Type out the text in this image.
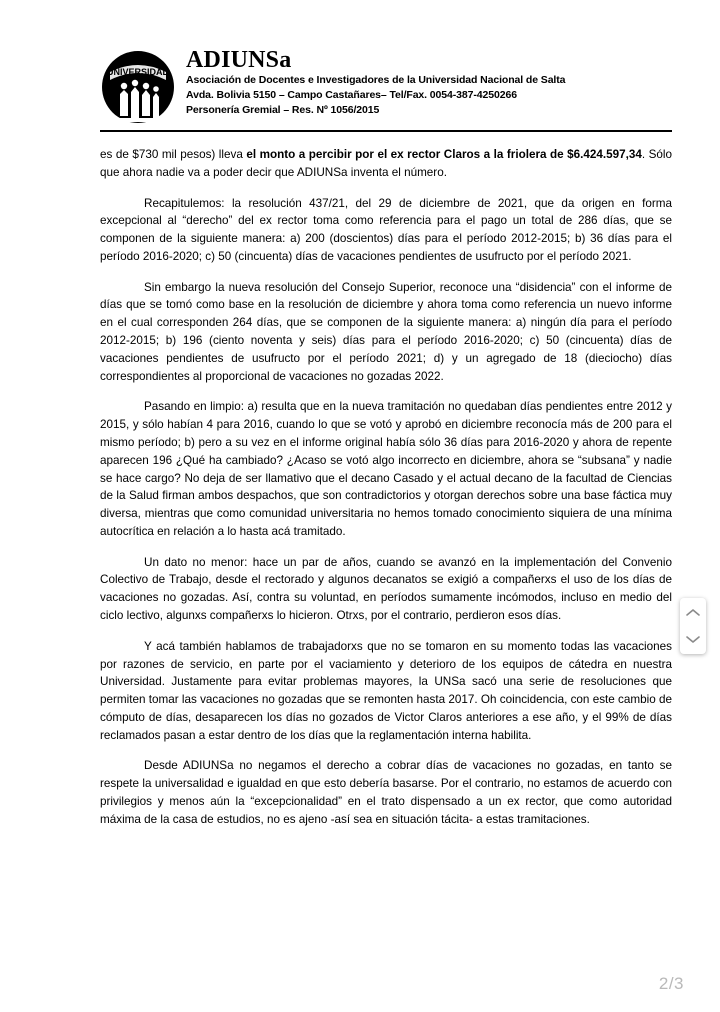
UNIVERSIDAD ADIUNSa
Asociación de Docentes e Investigadores de la Universidad Nacional de Salta
Avda. Bolivia 5150 – Campo Castañares– Tel/Fax. 0054-387-4250266
Personería Gremial – Res. Nº 1056/2015

es de $730 mil pesos) lleva el monto a percibir por el ex rector Claros a la friolera de $6.424.597,34. Sólo que ahora nadie va a poder decir que ADIUNSa inventa el número.

Recapitulemos: la resolución 437/21, del 29 de diciembre de 2021, que da origen en forma excepcional al “derecho” del ex rector toma como referencia para el pago un total de 286 días, que se componen de la siguiente manera: a) 200 (doscientos) días para el período 2012-2015; b) 36 días para el período 2016-2020; c) 50 (cincuenta) días de vacaciones pendientes de usufructo por el período 2021.

Sin embargo la nueva resolución del Consejo Superior, reconoce una “disidencia” con el informe de días que se tomó como base en la resolución de diciembre y ahora toma como referencia un nuevo informe en el cual corresponden 264 días, que se componen de la siguiente manera: a) ningún día para el período 2012-2015; b) 196 (ciento noventa y seis) días para el período 2016-2020; c) 50 (cincuenta) días de vacaciones pendientes de usufructo por el período 2021; d) y un agregado de 18 (dieciocho) días correspondientes al proporcional de vacaciones no gozadas 2022.

Pasando en limpio: a) resulta que en la nueva tramitación no quedaban días pendientes entre 2012 y 2015, y sólo habían 4 para 2016, cuando lo que se votó y aprobó en diciembre reconocía más de 200 para el mismo período; b) pero a su vez en el informe original había sólo 36 días para 2016-2020 y ahora de repente aparecen 196 ¿Qué ha cambiado? ¿Acaso se votó algo incorrecto en diciembre, ahora se “subsana” y nadie se hace cargo? No deja de ser llamativo que el decano Casado y el actual decano de la facultad de Ciencias de la Salud firman ambos despachos, que son contradictorios y otorgan derechos sobre una base fáctica muy diversa, mientras que como comunidad universitaria no hemos tomado conocimiento siquiera de una mínima autocrítica en relación a lo hasta acá tramitado.

Un dato no menor: hace un par de años, cuando se avanzó en la implementación del Convenio Colectivo de Trabajo, desde el rectorado y algunos decanatos se exigió a compañerxs el uso de los días de vacaciones no gozadas. Así, contra su voluntad, en períodos sumamente incómodos, incluso en medio del ciclo lectivo, algunxs compañerxs lo hicieron. Otrxs, por el contrario, perdieron esos días.

Y acá también hablamos de trabajadorxs que no se tomaron en su momento todas las vacaciones por razones de servicio, en parte por el vaciamiento y deterioro de los equipos de cátedra en nuestra Universidad. Justamente para evitar problemas mayores, la UNSa sacó una serie de resoluciones que permiten tomar las vacaciones no gozadas que se remonten hasta 2017. Oh coincidencia, con este cambio de cómputo de días, desaparecen los días no gozados de Victor Claros anteriores a ese año, y el 99% de días reclamados pasan a estar dentro de los días que la reglamentación interna habilita.

Desde ADIUNSa no negamos el derecho a cobrar días de vacaciones no gozadas, en tanto se respete la universalidad e igualdad en que esto debería basarse. Por el contrario, no estamos de acuerdo con privilegios y menos aún la “excepcionalidad” en el trato dispensado a un ex rector, que como autoridad máxima de la casa de estudios, no es ajeno -así sea en situación tácita- a estas tramitaciones.

2/3
